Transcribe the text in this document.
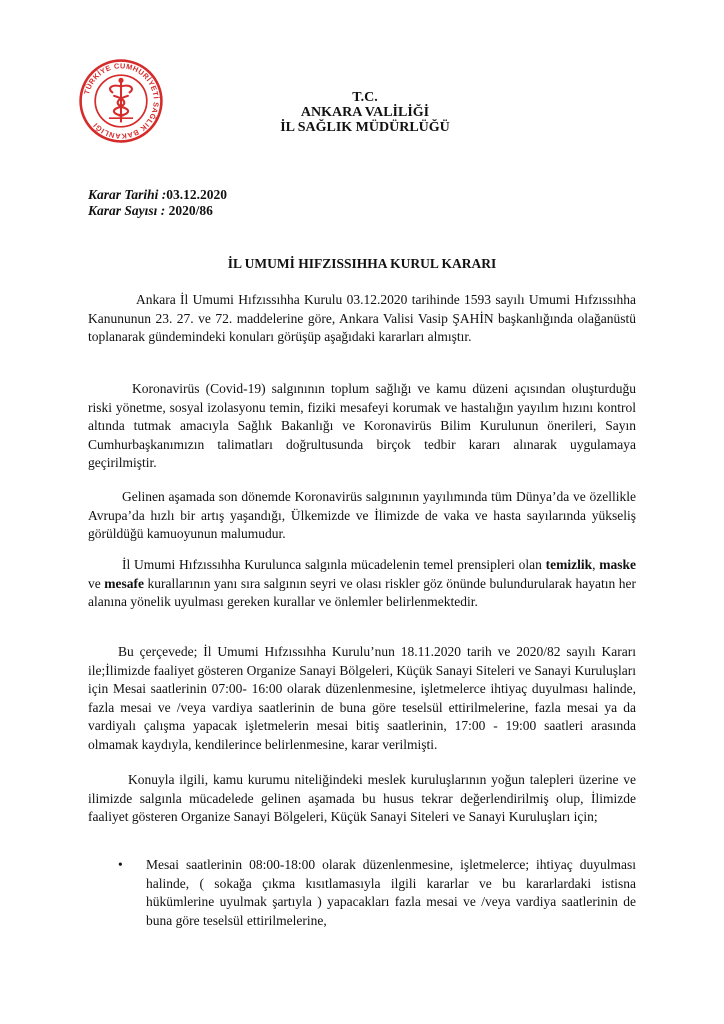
TÜRKİYE CUMHURİYETİ SAĞLIK BAKANLIĞI
T.C.
ANKARA VALİLİĞİ
İL SAĞLIK MÜDÜRLÜĞÜ
Karar Tarihi :03.12.2020
Karar Sayısı : 2020/86
İL UMUMİ HIFZISSIHHA KURUL KARARI

Ankara İl Umumi Hıfzıssıhha Kurulu 03.12.2020 tarihinde 1593 sayılı Umumi Hıfzıssıhha Kanununun 23. 27. ve 72. maddelerine göre, Ankara Valisi Vasip ŞAHİN başkanlığında olağanüstü toplanarak gündemindeki konuları görüşüp aşağıdaki kararları almıştır.

Koronavirüs (Covid-19) salgınının toplum sağlığı ve kamu düzeni açısından oluşturduğu riski yönetme, sosyal izolasyonu temin, fiziki mesafeyi korumak ve hastalığın yayılım hızını kontrol altında tutmak amacıyla Sağlık Bakanlığı ve Koronavirüs Bilim Kurulunun önerileri, Sayın Cumhurbaşkanımızın talimatları doğrultusunda birçok tedbir kararı alınarak uygulamaya geçirilmiştir.

Gelinen aşamada son dönemde Koronavirüs salgınının yayılımında tüm Dünya’da ve özellikle Avrupa’da hızlı bir artış yaşandığı, Ülkemizde ve İlimizde de vaka ve hasta sayılarında yükseliş görüldüğü kamuoyunun malumudur.

İl Umumi Hıfzıssıhha Kurulunca salgınla mücadelenin temel prensipleri olan temizlik, maske ve mesafe kurallarının yanı sıra salgının seyri ve olası riskler göz önünde bulundurularak hayatın her alanına yönelik uyulması gereken kurallar ve önlemler belirlenmektedir.

Bu çerçevede; İl Umumi Hıfzıssıhha Kurulu’nun 18.11.2020 tarih ve 2020/82 sayılı Kararı ile;İlimizde faaliyet gösteren Organize Sanayi Bölgeleri, Küçük Sanayi Siteleri ve Sanayi Kuruluşları için Mesai saatlerinin 07:00- 16:00 olarak düzenlenmesine, işletmelerce ihtiyaç duyulması halinde, fazla mesai ve /veya vardiya saatlerinin de buna göre teselsül ettirilmelerine, fazla mesai ya da vardiyalı çalışma yapacak işletmelerin mesai bitiş saatlerinin, 17:00 - 19:00 saatleri arasında olmamak kaydıyla, kendilerince belirlenmesine, karar verilmişti.

Konuyla ilgili, kamu kurumu niteliğindeki meslek kuruluşlarının yoğun talepleri üzerine ve ilimizde salgınla mücadelede gelinen aşamada bu husus tekrar değerlendirilmiş olup, İlimizde faaliyet gösteren Organize Sanayi Bölgeleri, Küçük Sanayi Siteleri ve Sanayi Kuruluşları için;

• Mesai saatlerinin 08:00-18:00 olarak düzenlenmesine, işletmelerce; ihtiyaç duyulması halinde, ( sokağa çıkma kısıtlamasıyla ilgili kararlar ve bu kararlardaki istisna hükümlerine uyulmak şartıyla ) yapacakları fazla mesai ve /veya vardiya saatlerinin de buna göre teselsül ettirilmelerine,
